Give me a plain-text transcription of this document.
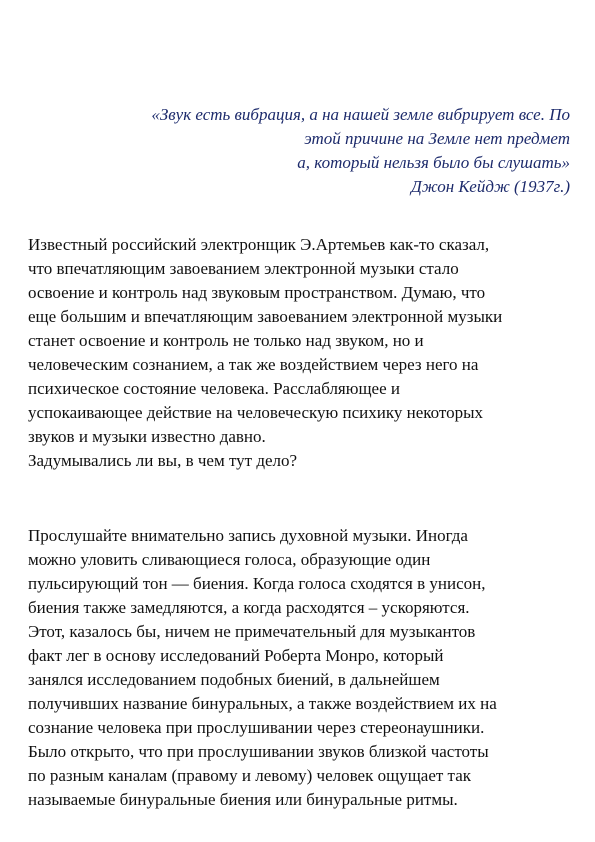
«Звук есть вибрация, а на нашей земле вибрирует все. По
этой причине на Земле нет предмет
а, который нельзя было бы слушать»
Джон Кейдж (1937г.)
Известный российский электронщик Э.Артемьев как-то сказал,
что впечатляющим завоеванием электронной музыки стало
освоение и контроль над звуковым пространством. Думаю, что
еще большим и впечатляющим завоеванием электронной музыки
станет освоение и контроль не только над звуком, но и
человеческим сознанием, а так же воздействием через него на
психическое состояние человека. Расслабляющее и
успокаивающее действие на человеческую психику некоторых
звуков и музыки известно давно.
Задумывались ли вы, в чем тут дело?
Прослушайте внимательно запись духовной музыки. Иногда
можно уловить сливающиеся голоса, образующие один
пульсирующий тон — биения. Когда голоса сходятся в унисон,
биения также замедляются, а когда расходятся – ускоряются.
Этот, казалось бы, ничем не примечательный для музыкантов
факт лег в основу исследований Роберта Монро, который
занялся исследованием подобных биений, в дальнейшем
получивших название бинуральных, а также воздействием их на
сознание человека при прослушивании через стереонаушники.
Было открыто, что при прослушивании звуков близкой частоты
по разным каналам (правому и левому) человек ощущает так
называемые бинуральные биения или бинуральные ритмы.
